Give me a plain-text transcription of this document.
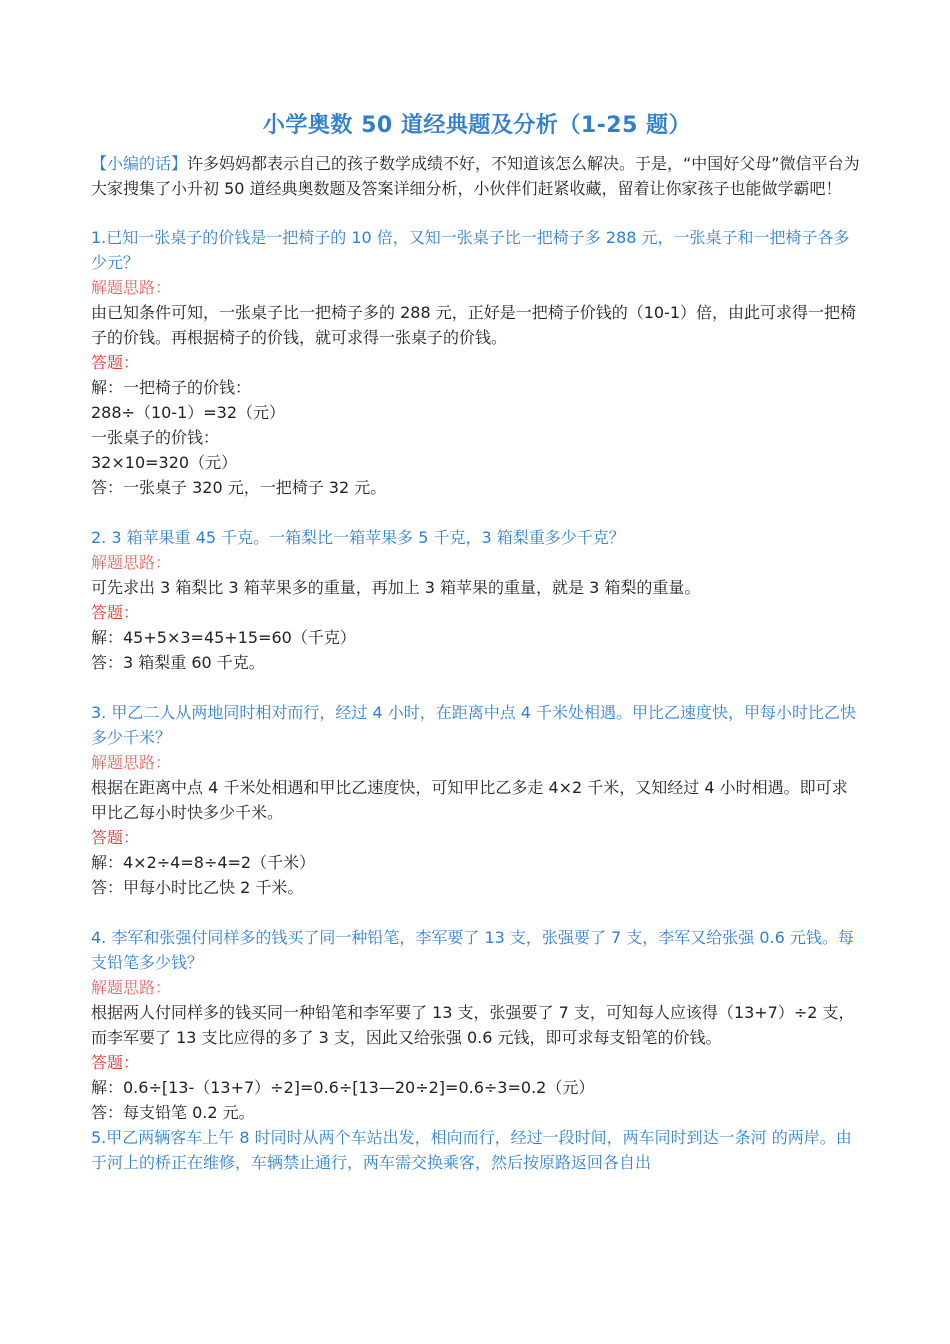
小学奥数 50 道经典题及分析（1-25 题）

【小编的话】许多妈妈都表示自己的孩子数学成绩不好，不知道该怎么解决。于是，“中国好父母”微信平台为大家搜集了小升初 50 道经典奥数题及答案详细分析，小伙伴们赶紧收藏，留着让你家孩子也能做学霸吧！

1.已知一张桌子的价钱是一把椅子的 10 倍，又知一张桌子比一把椅子多 288 元，一张桌子和一把椅子各多少元？

解题思路：

由已知条件可知，一张桌子比一把椅子多的 288 元，正好是一把椅子价钱的（10-1）倍，由此可求得一把椅子的价钱。再根据椅子的价钱，就可求得一张桌子的价钱。

答题：

解：一把椅子的价钱：

288÷（10-1）=32（元）

一张桌子的价钱：

32×10=320（元）

答：一张桌子 320 元，一把椅子 32 元。

2. 3 箱苹果重 45 千克。一箱梨比一箱苹果多 5 千克，3 箱梨重多少千克？

解题思路：

可先求出 3 箱梨比 3 箱苹果多的重量，再加上 3 箱苹果的重量，就是 3 箱梨的重量。

答题：

解：45+5×3=45+15=60（千克）

答：3 箱梨重 60 千克。

3. 甲乙二人从两地同时相对而行，经过 4 小时，在距离中点 4 千米处相遇。甲比乙速度快，甲每小时比乙快多少千米？

解题思路：

根据在距离中点 4 千米处相遇和甲比乙速度快，可知甲比乙多走 4×2 千米，又知经过 4 小时相遇。即可求甲比乙每小时快多少千米。

答题：

解：4×2÷4=8÷4=2（千米）

答：甲每小时比乙快 2 千米。

4. 李军和张强付同样多的钱买了同一种铅笔，李军要了 13 支，张强要了 7 支，李军又给张强 0.6 元钱。每支铅笔多少钱？

解题思路：

根据两人付同样多的钱买同一种铅笔和李军要了 13 支，张强要了 7 支，可知每人应该得（13+7）÷2 支，而李军要了 13 支比应得的多了 3 支，因此又给张强 0.6 元钱，即可求每支铅笔的价钱。

答题：

解：0.6÷[13-（13+7）÷2]=0.6÷[13—20÷2]=0.6÷3=0.2（元）

答：每支铅笔 0.2 元。

5.甲乙两辆客车上午 8 时同时从两个车站出发，相向而行，经过一段时间，两车同时到达一条河 的两岸。由于河上的桥正在维修，车辆禁止通行，两车需交换乘客，然后按原路返回各自出
